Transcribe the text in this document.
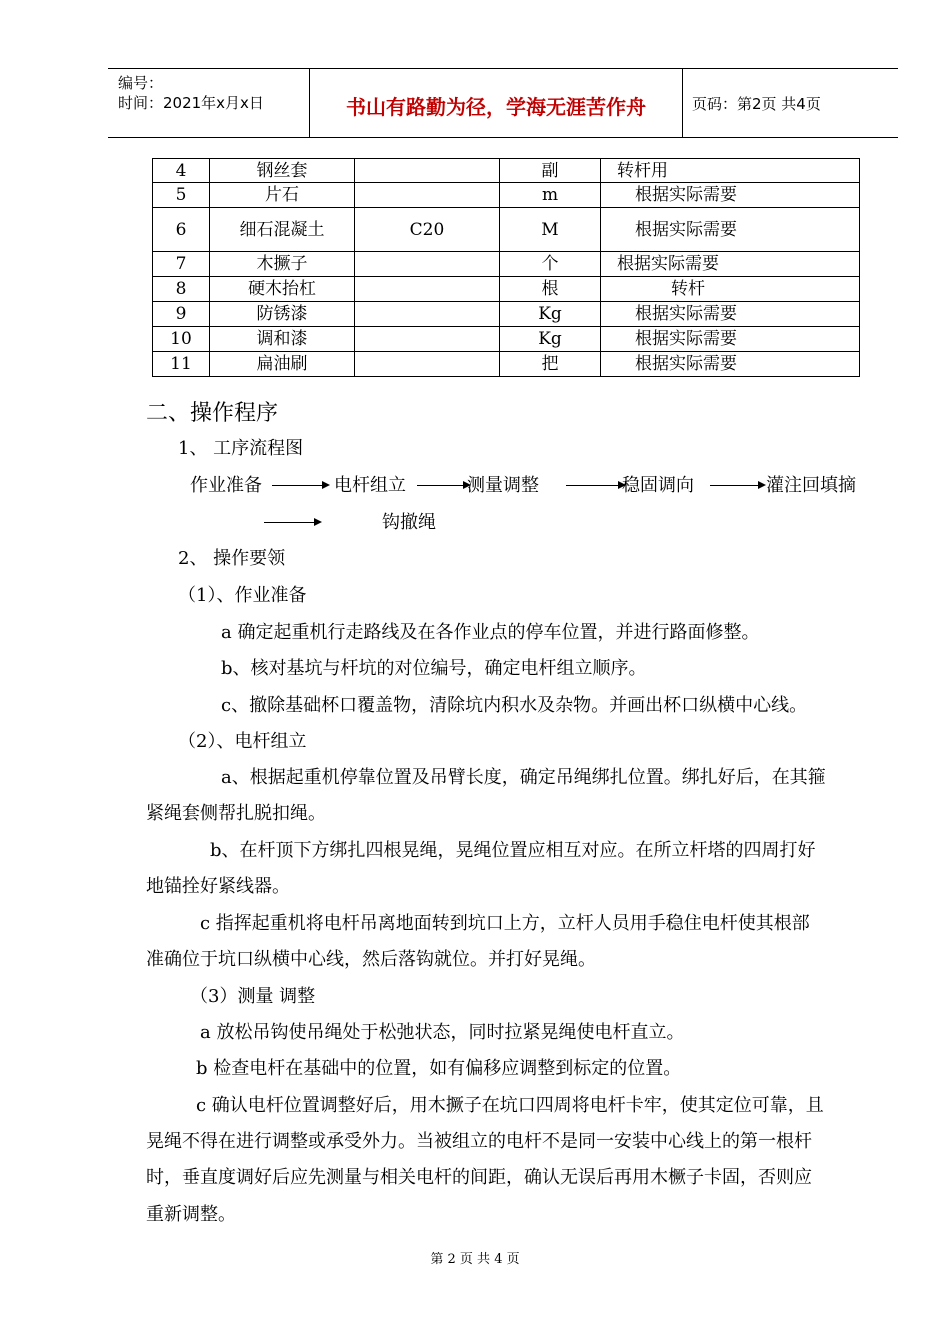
编号：
时间：2021年x月x日	书山有路勤为径，学海无涯苦作舟	页码：第2页 共4页
4	钢丝套		副	转杆用
5	片石		m	根据实际需要
6	细石混凝土	C20	M	根据实际需要
7	木撅子		个	根据实际需要
8	硬木抬杠		根	转杆
9	防锈漆		Kg	根据实际需要
10	调和漆		Kg	根据实际需要
11	扁油刷		把	根据实际需要
二、操作程序
1、 工序流程图
作业准备	电杆组立	测量调整	稳固调向	灌注回填摘
钩撤绳
2、 操作要领
（1）、作业准备
a 确定起重机行走路线及在各作业点的停车位置，并进行路面修整。
b、核对基坑与杆坑的对位编号，确定电杆组立顺序。
c、撤除基础杯口覆盖物，清除坑内积水及杂物。并画出杯口纵横中心线。
（2）、电杆组立
a、根据起重机停靠位置及吊臂长度，确定吊绳绑扎位置。绑扎好后，在其箍
紧绳套侧帮扎脱扣绳。
b、在杆顶下方绑扎四根晃绳，晃绳位置应相互对应。在所立杆塔的四周打好
地锚拴好紧线器。
c 指挥起重机将电杆吊离地面转到坑口上方，立杆人员用手稳住电杆使其根部
准确位于坑口纵横中心线，然后落钩就位。并打好晃绳。
（3）测量 调整
a 放松吊钩使吊绳处于松弛状态，同时拉紧晃绳使电杆直立。
b 检查电杆在基础中的位置，如有偏移应调整到标定的位置。
c 确认电杆位置调整好后，用木撅子在坑口四周将电杆卡牢，使其定位可靠，且
晃绳不得在进行调整或承受外力。当被组立的电杆不是同一安装中心线上的第一根杆
时，垂直度调好后应先测量与相关电杆的间距，确认无误后再用木橛子卡固，否则应
重新调整。
第 2 页 共 4 页
